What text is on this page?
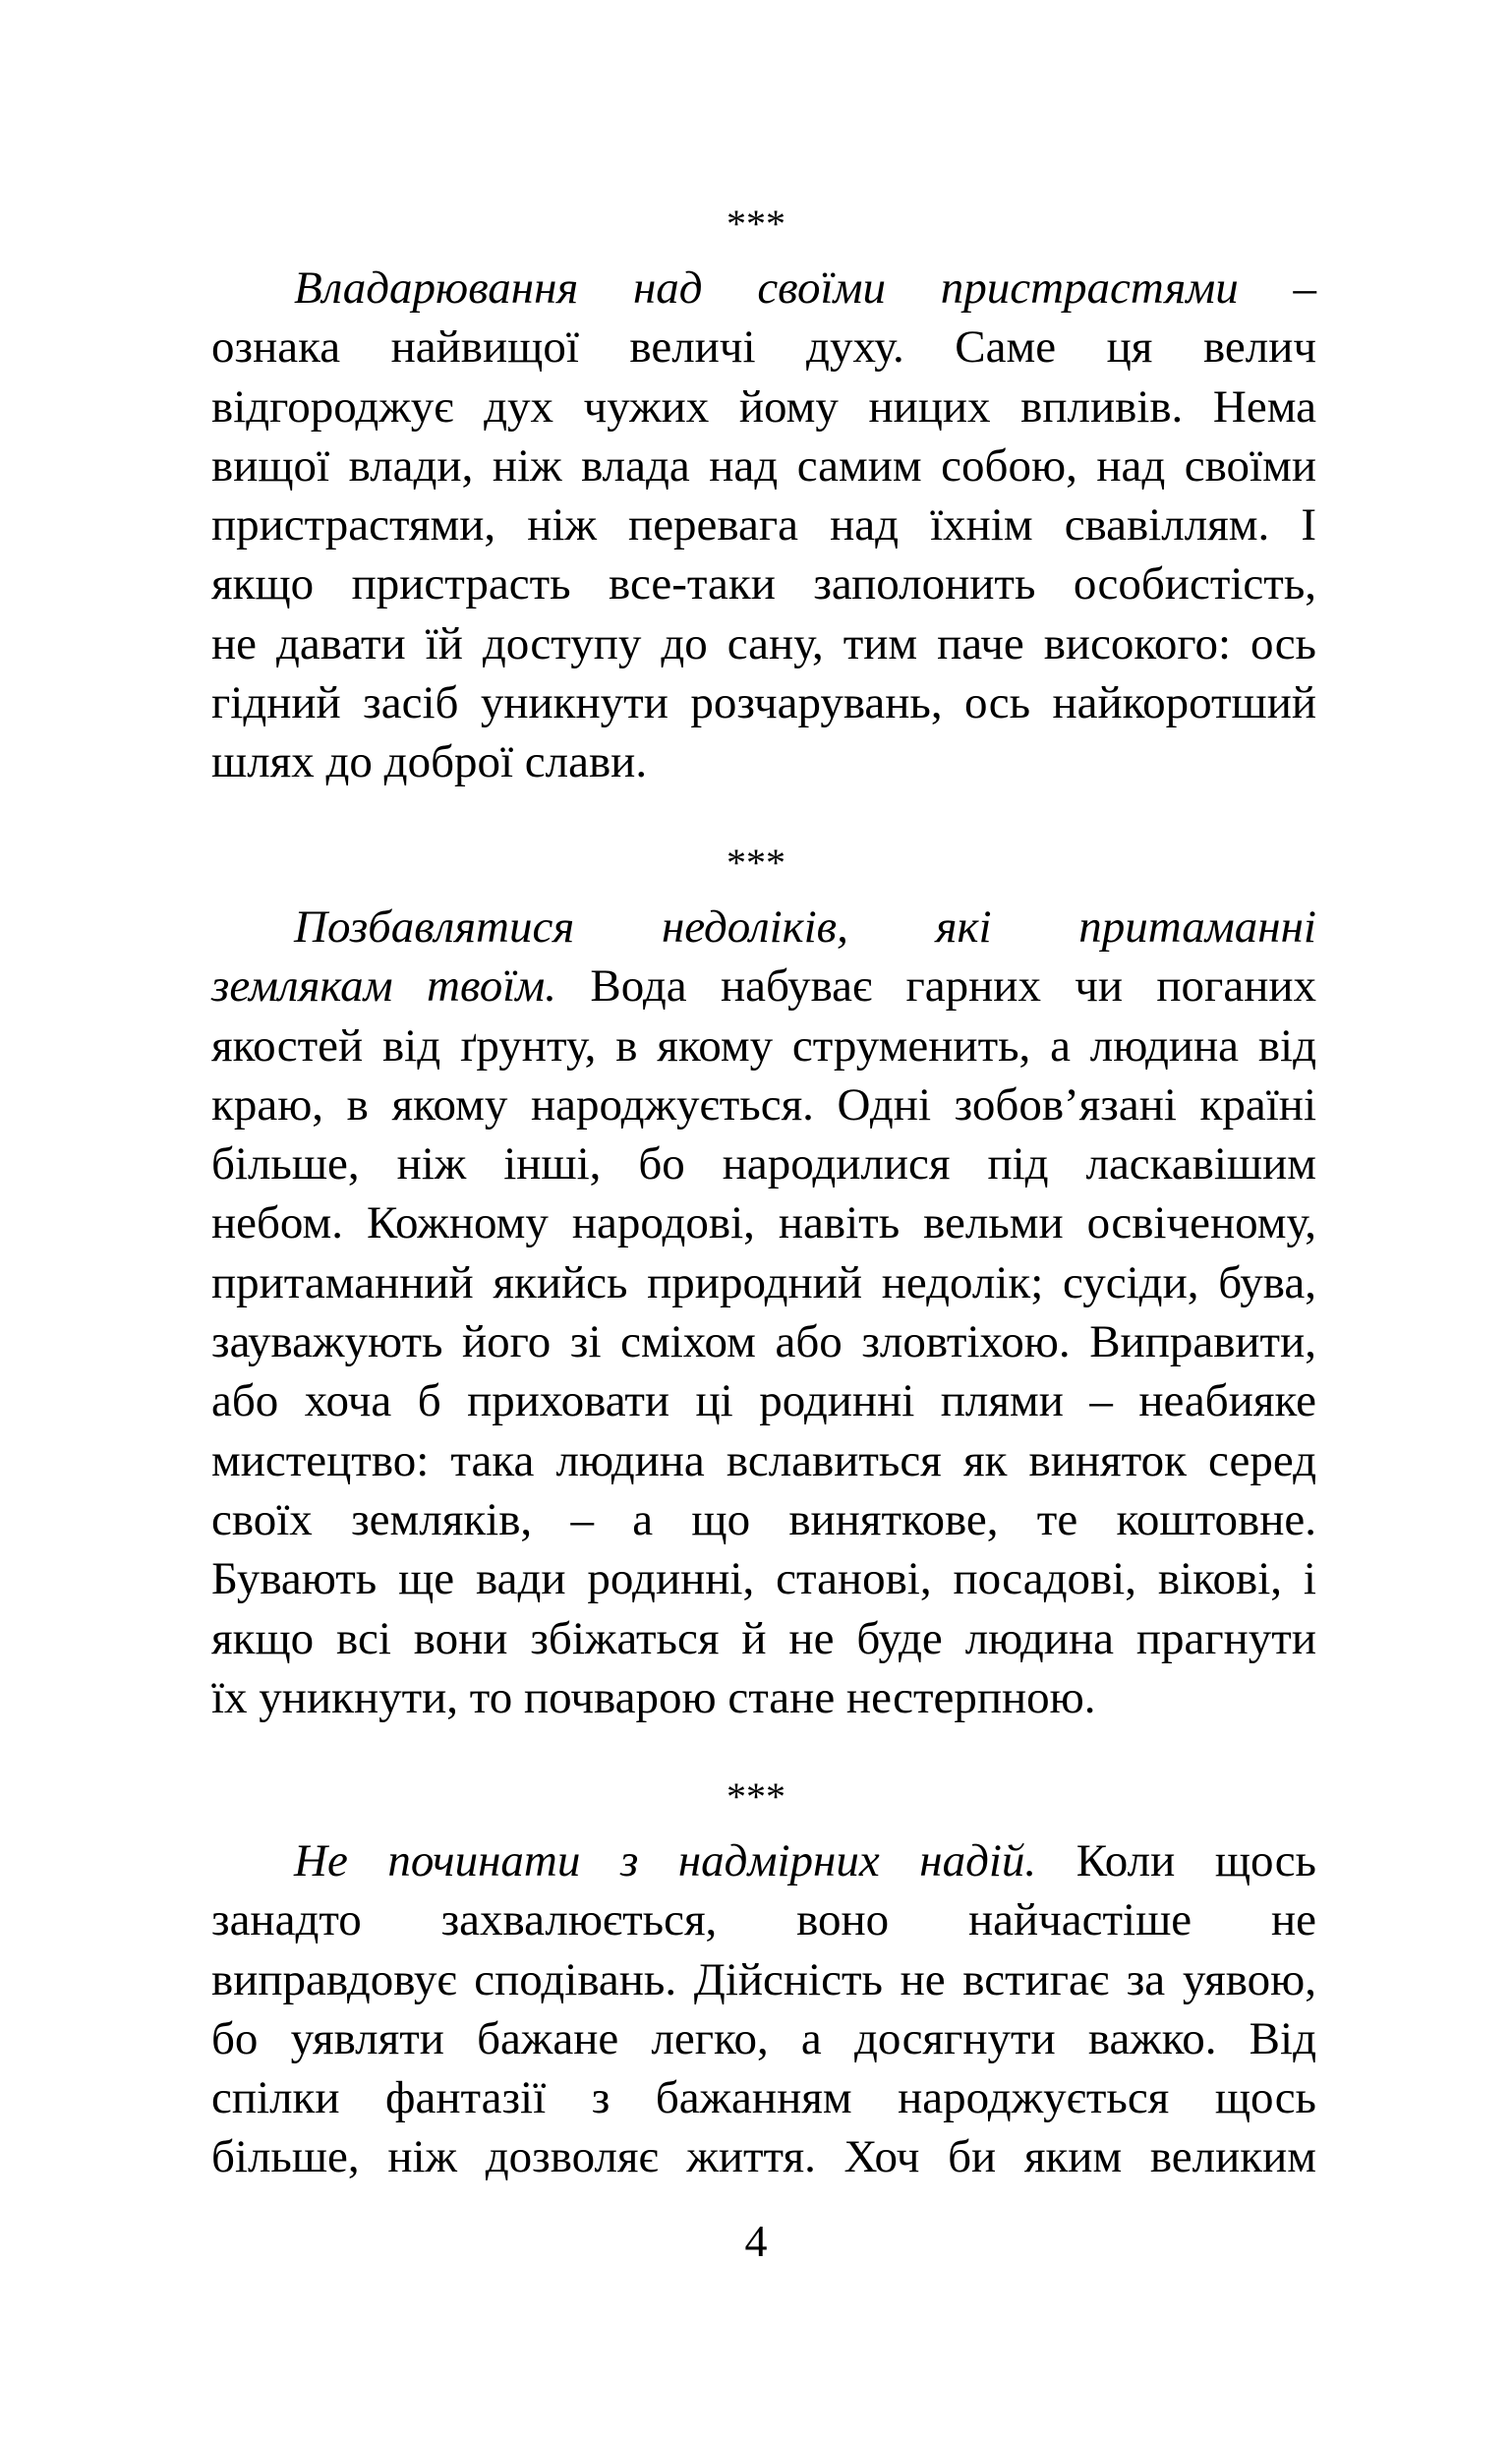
***
Владарювання над своїми пристрастями –
ознака найвищої величі духу. Саме ця велич
відгороджує дух чужих йому ницих впливів. Нема
вищої влади, ніж влада над самим собою, над своїми
пристрастями, ніж перевага над їхнім свавіллям. І
якщо пристрасть все-таки заполонить особистість,
не давати їй доступу до сану, тим паче високого: ось
гідний засіб уникнути розчарувань, ось найкоротший
шлях до доброї слави.
***
Позбавлятися недоліків, які притаманні
землякам твоїм. Вода набуває гарних чи поганих
якостей від ґрунту, в якому струменить, а людина від
краю, в якому народжується. Одні зобов’язані країні
більше, ніж інші, бо народилися під ласкавішим
небом. Кожному народові, навіть вельми освіченому,
притаманний якийсь природний недолік; сусіди, бува,
зауважують його зі сміхом або зловтіхою. Виправити,
або хоча б приховати ці родинні плями – неабияке
мистецтво: така людина вславиться як виняток серед
своїх земляків, – а що виняткове, те коштовне.
Бувають ще вади родинні, станові, посадові, вікові, і
якщо всі вони збіжаться й не буде людина прагнути
їх уникнути, то почварою стане нестерпною.
***
Не починати з надмірних надій. Коли щось
занадто захвалюється, воно найчастіше не
виправдовує сподівань. Дійсність не встигає за уявою,
бо уявляти бажане легко, а досягнути важко. Від
спілки фантазії з бажанням народжується щось
більше, ніж дозволяє життя. Хоч би яким великим
4
